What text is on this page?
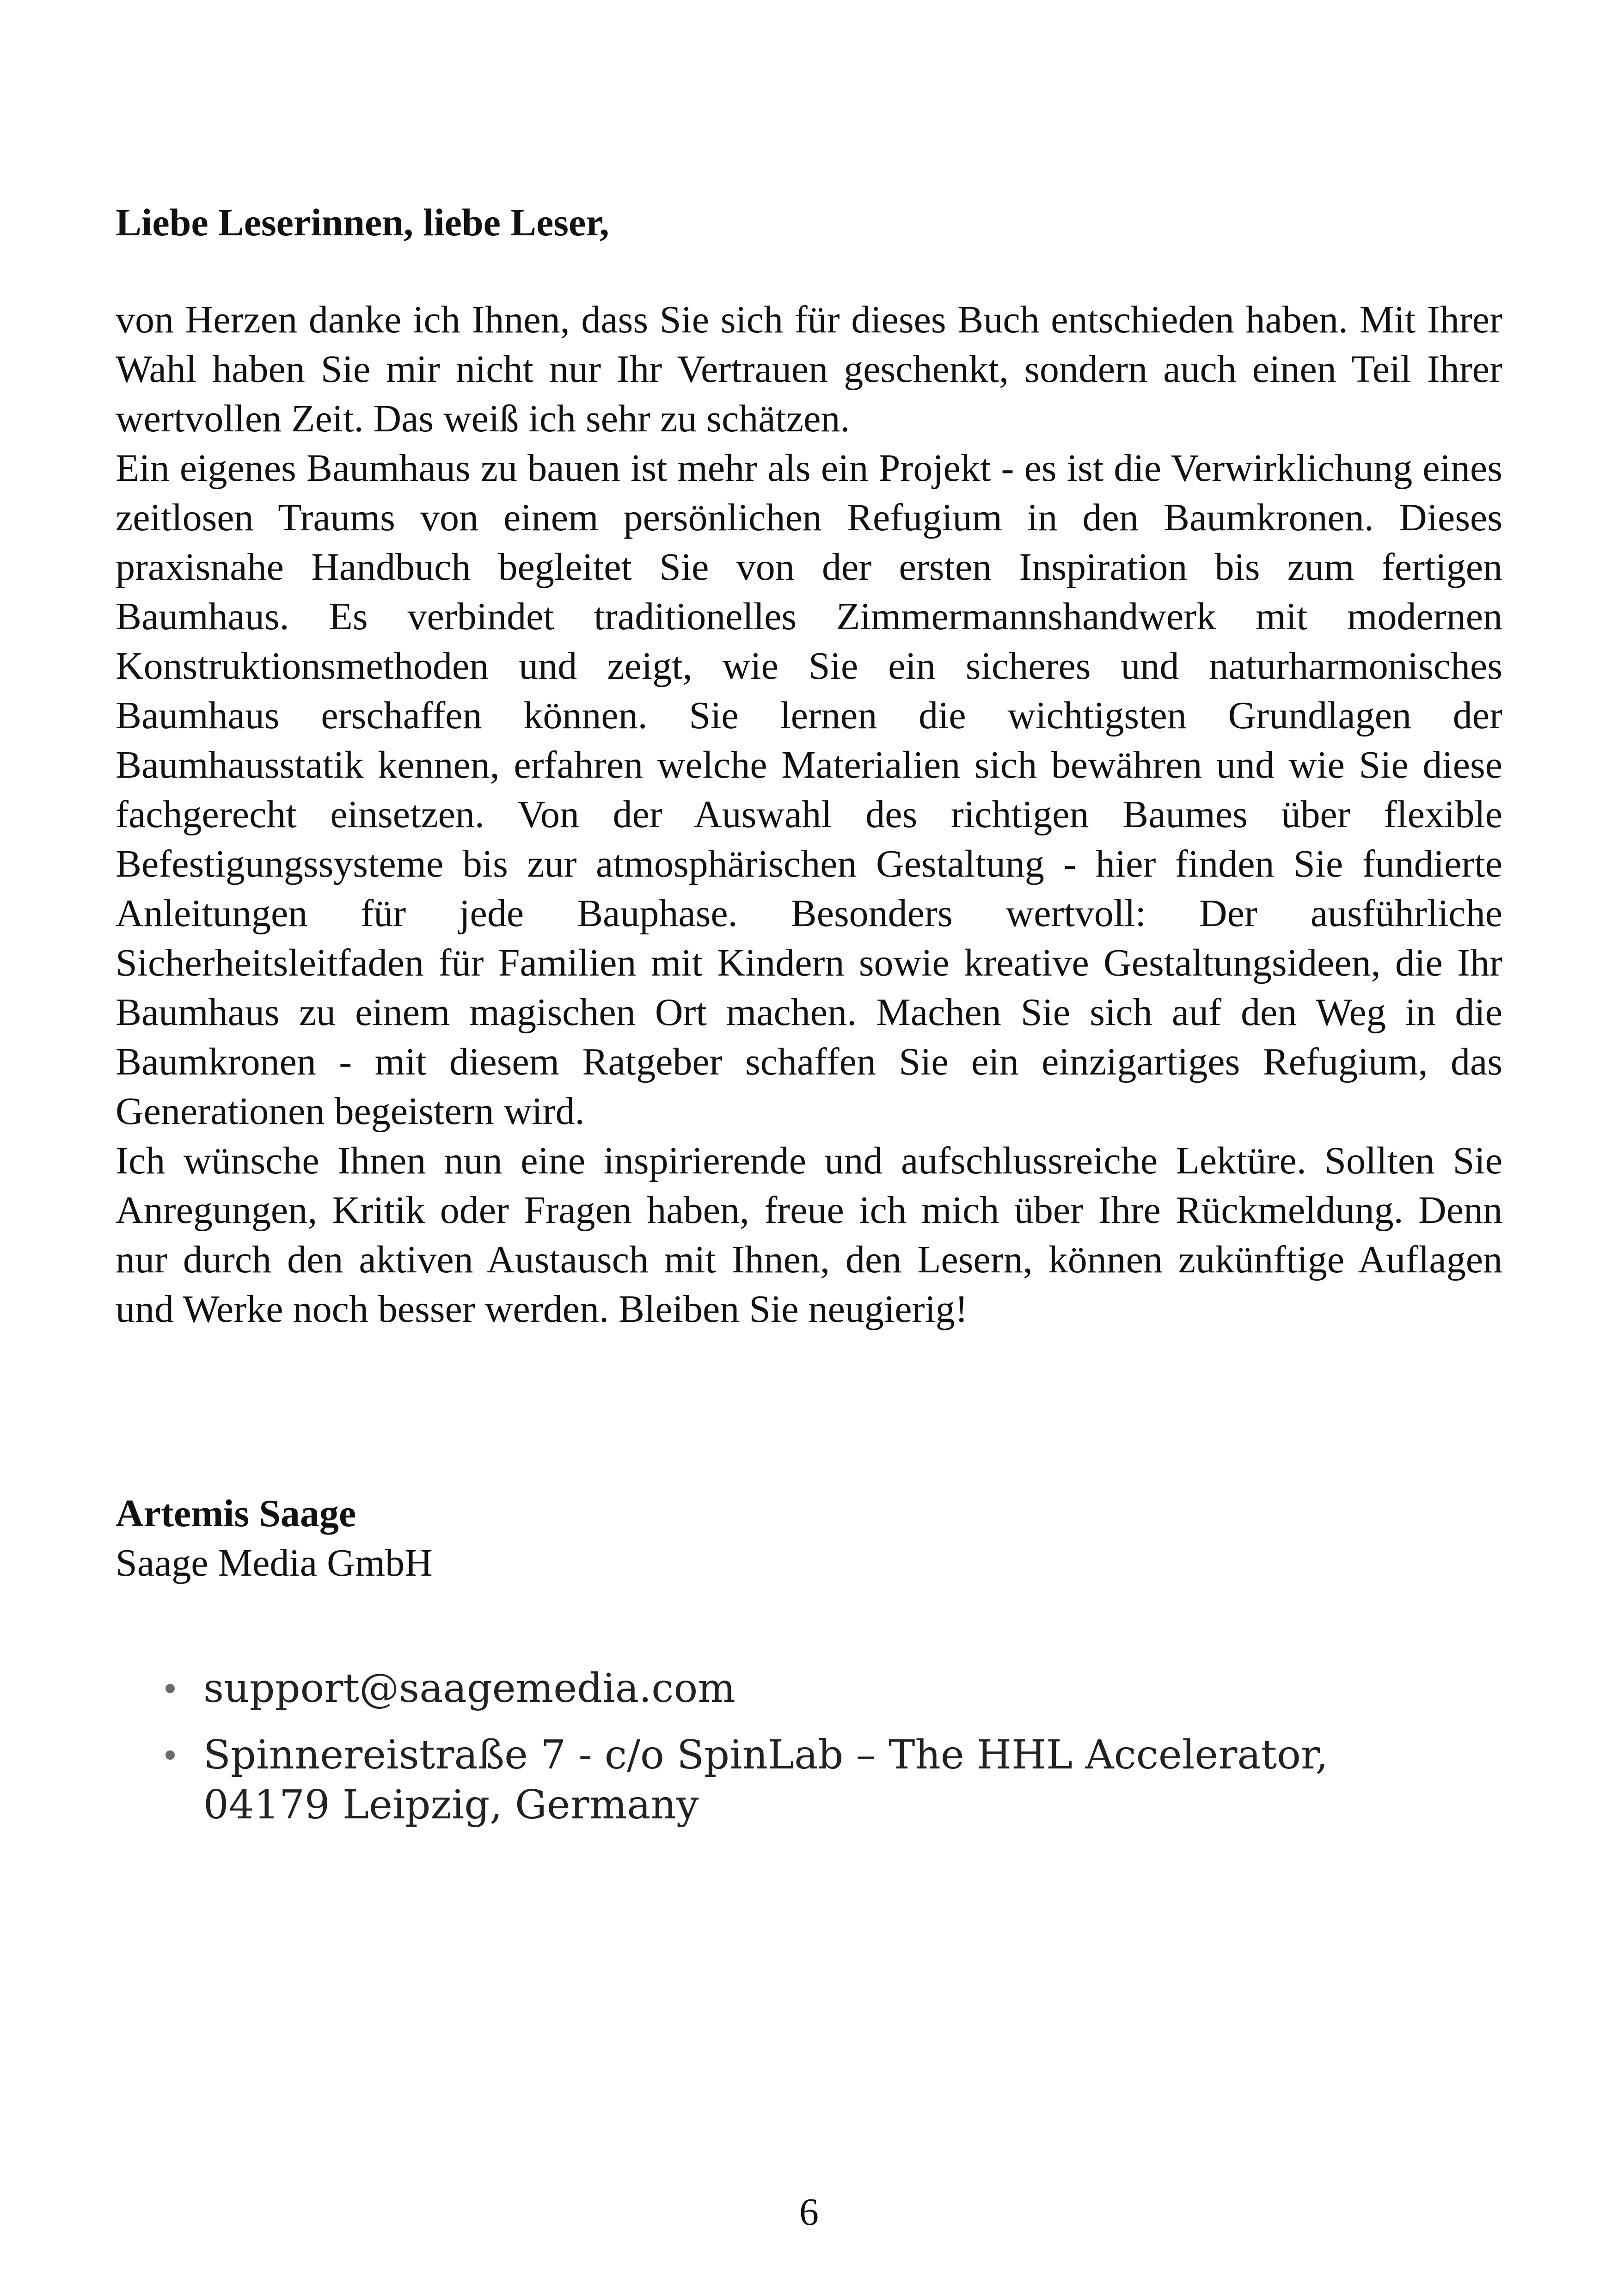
Liebe Leserinnen, liebe Leser,

von Herzen danke ich Ihnen, dass Sie sich für dieses Buch entschieden haben. Mit Ihrer Wahl haben Sie mir nicht nur Ihr Vertrauen geschenkt, sondern auch einen Teil Ihrer wertvollen Zeit. Das weiß ich sehr zu schätzen.

Ein eigenes Baumhaus zu bauen ist mehr als ein Projekt - es ist die Verwirklichung eines zeitlosen Traums von einem persönlichen Refugium in den Baumkronen. Dieses praxisnahe Handbuch begleitet Sie von der ersten Inspiration bis zum fertigen Baumhaus. Es verbindet traditionelles Zimmermannshandwerk mit modernen Konstruktionsmethoden und zeigt, wie Sie ein sicheres und naturharmonisches Baumhaus erschaffen können. Sie lernen die wichtigsten Grundlagen der Baumhausstatik kennen, erfahren welche Materialien sich bewähren und wie Sie diese fachgerecht einsetzen. Von der Auswahl des richtigen Baumes über flexible Befestigungssysteme bis zur atmosphärischen Gestaltung - hier finden Sie fundierte Anleitungen für jede Bauphase. Besonders wertvoll: Der ausführliche Sicherheitsleitfaden für Familien mit Kindern sowie kreative Gestaltungsideen, die Ihr Baumhaus zu einem magischen Ort machen. Machen Sie sich auf den Weg in die Baumkronen - mit diesem Ratgeber schaffen Sie ein einzigartiges Refugium, das Generationen begeistern wird.

Ich wünsche Ihnen nun eine inspirierende und aufschlussreiche Lektüre. Sollten Sie Anregungen, Kritik oder Fragen haben, freue ich mich über Ihre Rückmeldung. Denn nur durch den aktiven Austausch mit Ihnen, den Lesern, können zukünftige Auflagen und Werke noch besser werden. Bleiben Sie neugierig!

Artemis Saage

Saage Media GmbH

support@saagemedia.com
Spinnereistraße 7 - c/o SpinLab – The HHL Accelerator, 04179 Leipzig, Germany

6
